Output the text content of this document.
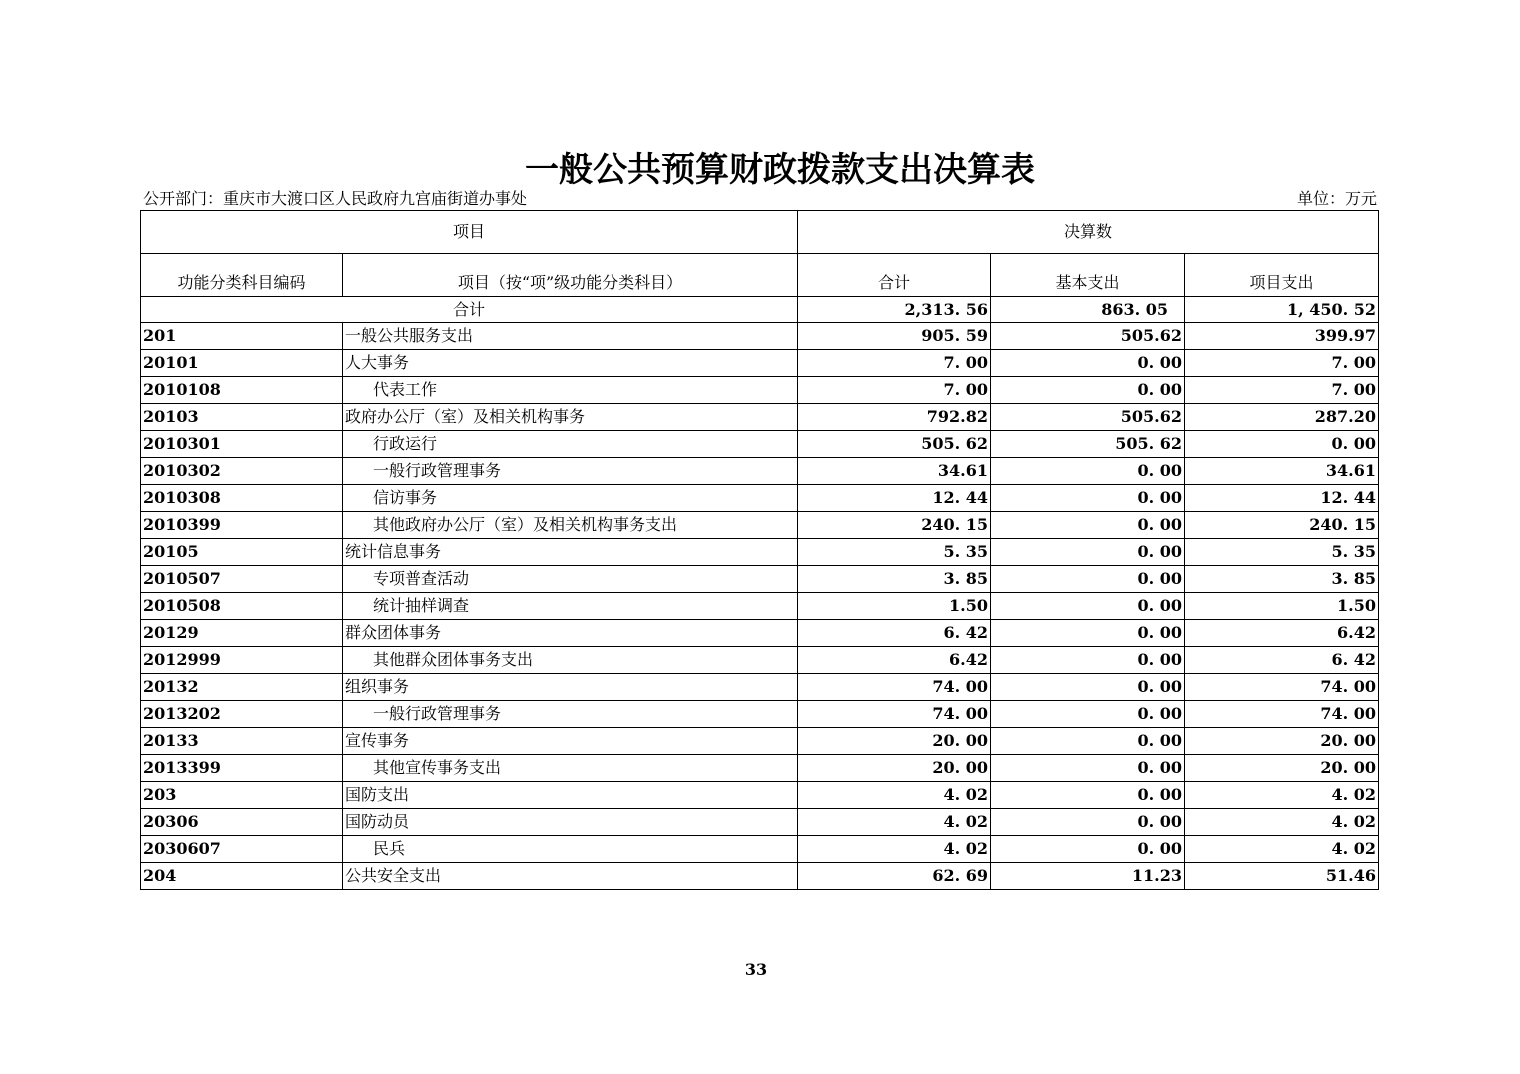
一般公共预算财政拨款支出决算表
公开部门：重庆市大渡口区人民政府九宫庙街道办事处	单位：万元
项目		决算数		
功能分类科目编码	项目（按“项”级功能分类科目）	合计	基本支出	项目支出
合计		2,313. 56	863. 05	1, 450. 52
201	一般公共服务支出	905. 59	505.62	399.97
20101	人大事务	7. 00	0. 00	7. 00
2010108	代表工作	7. 00	0. 00	7. 00
20103	政府办公厅（室）及相关机构事务	792.82	505.62	287.20
2010301	行政运行	505. 62	505. 62	0. 00
2010302	一般行政管理事务	34.61	0. 00	34.61
2010308	信访事务	12. 44	0. 00	12. 44
2010399	其他政府办公厅（室）及相关机构事务支出	240. 15	0. 00	240. 15
20105	统计信息事务	5. 35	0. 00	5. 35
2010507	专项普查活动	3. 85	0. 00	3. 85
2010508	统计抽样调查	1.50	0. 00	1.50
20129	群众团体事务	6. 42	0. 00	6.42
2012999	其他群众团体事务支出	6.42	0. 00	6. 42
20132	组织事务	74. 00	0. 00	74. 00
2013202	一般行政管理事务	74. 00	0. 00	74. 00
20133	宣传事务	20. 00	0. 00	20. 00
2013399	其他宣传事务支出	20. 00	0. 00	20. 00
203	国防支出	4. 02	0. 00	4. 02
20306	国防动员	4. 02	0. 00	4. 02
2030607	民兵	4. 02	0. 00	4. 02
204	公共安全支出	62. 69	11.23	51.46
33
